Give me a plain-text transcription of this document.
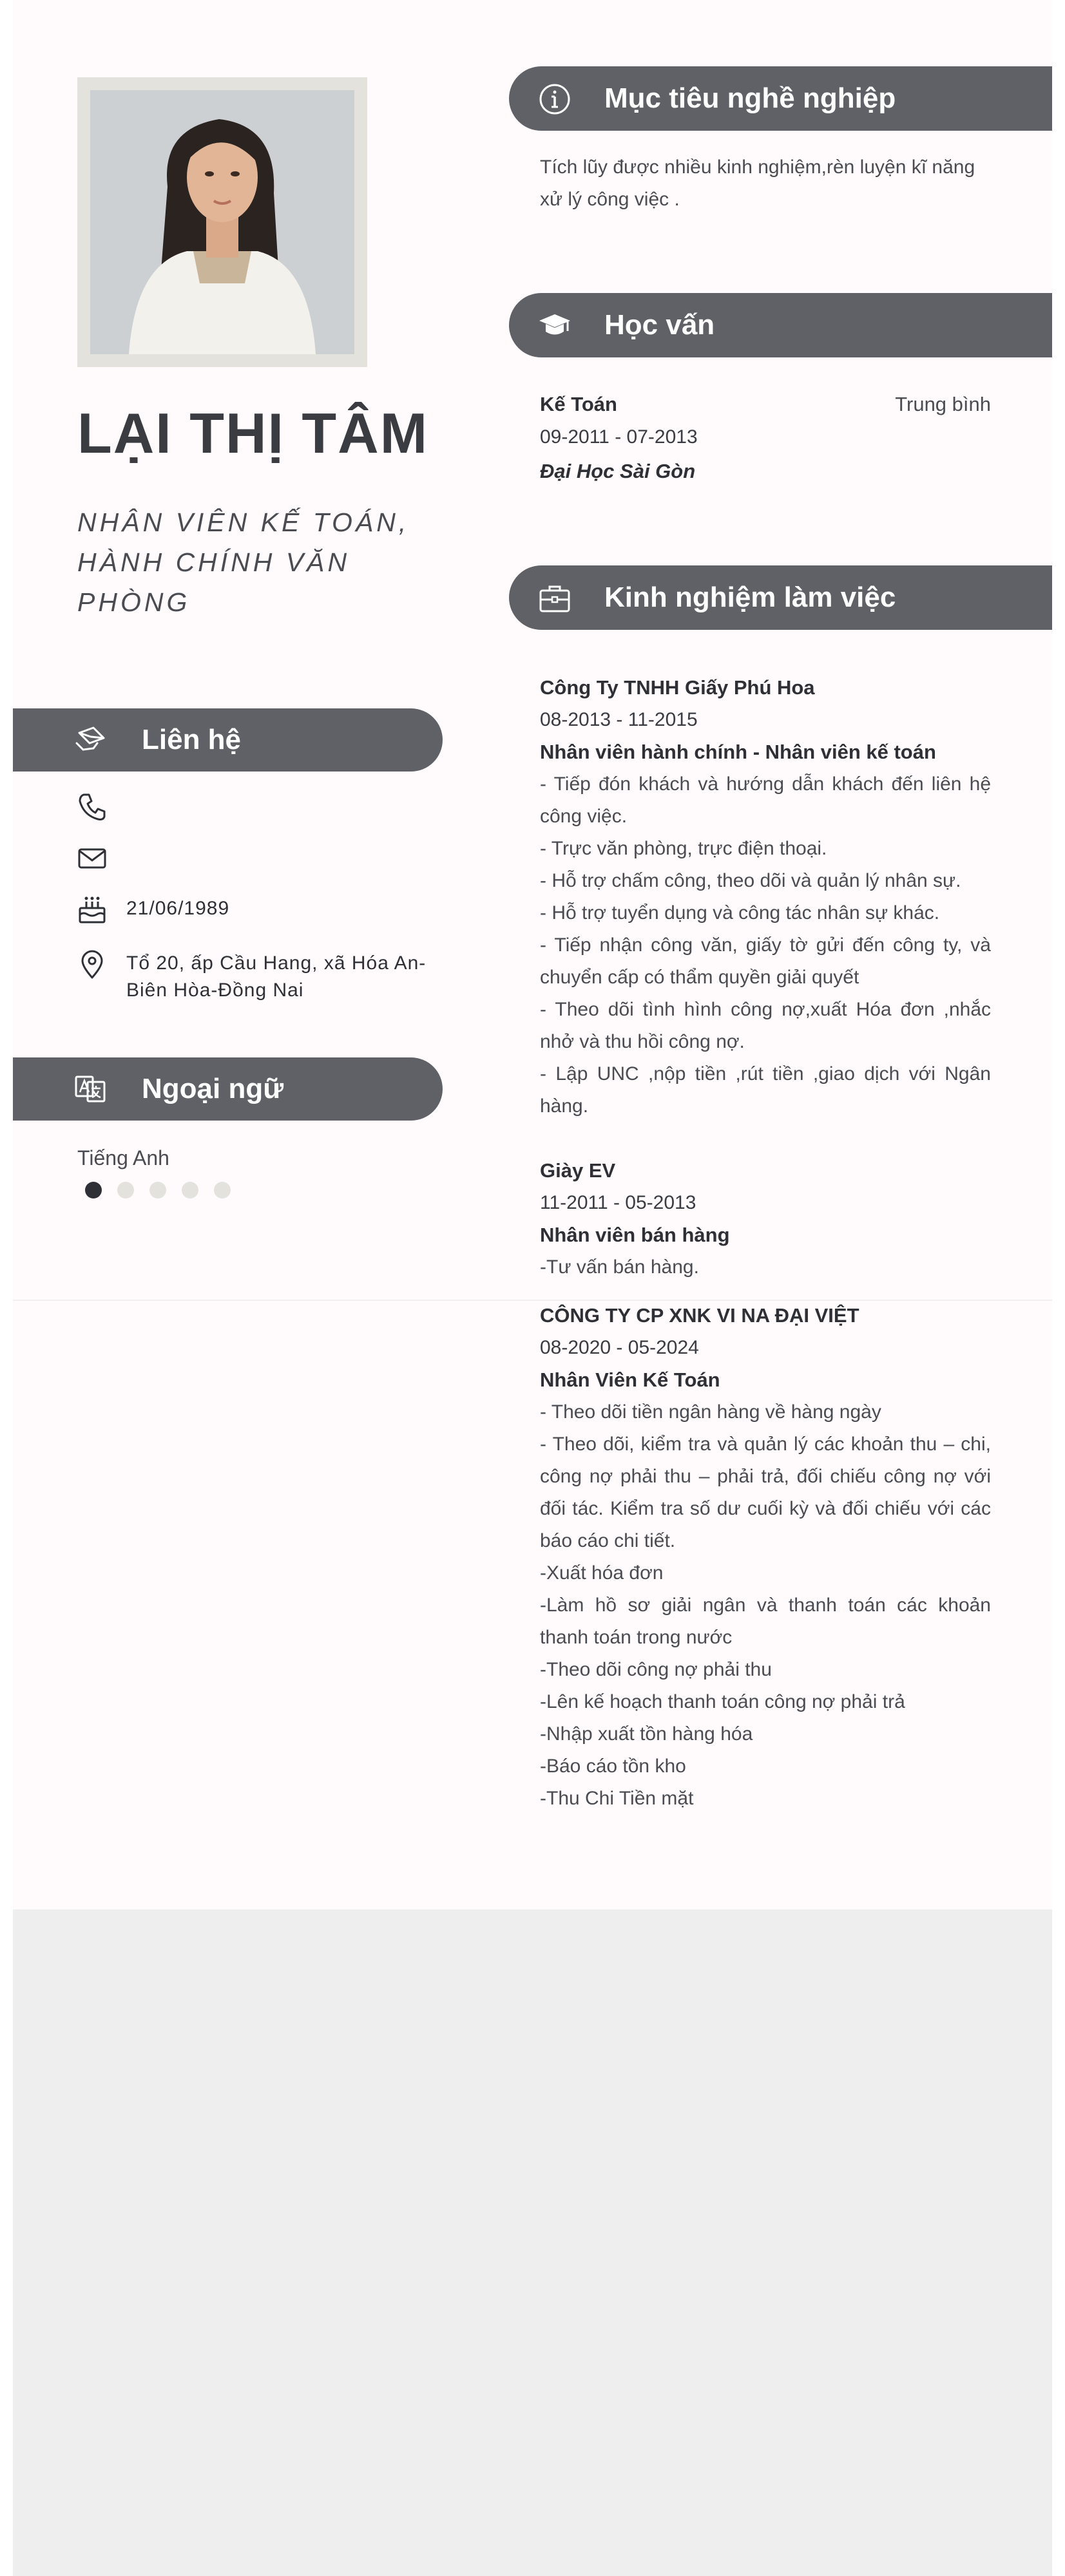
LẠI THỊ TÂM
NHÂN VIÊN KẾ TOÁN, HÀNH CHÍNH VĂN PHÒNG
Liên hệ
21/06/1989
Tổ 20, ấp Cầu Hang, xã Hóa An- Biên Hòa-Đồng Nai
Ngoại ngữ
Tiếng Anh
Mục tiêu nghề nghiệp
Tích lũy được nhiều kinh nghiệm,rèn luyện kĩ năng xử lý công việc .
Học vấn
Kế Toán	Trung bình
09-2011 - 07-2013
Đại Học Sài Gòn
Kinh nghiệm làm việc
Công Ty TNHH Giấy Phú Hoa
08-2013 - 11-2015
Nhân viên hành chính - Nhân viên kế toán
- Tiếp đón khách và hướng dẫn khách đến liên hệ công việc.
- Trực văn phòng, trực điện thoại.
- Hỗ trợ chấm công, theo dõi và quản lý nhân sự.
- Hỗ trợ tuyển dụng và công tác nhân sự khác.
- Tiếp nhận công văn, giấy tờ gửi đến công ty, và chuyển cấp có thẩm quyền giải quyết
- Theo dõi tình hình công nợ,xuất Hóa đơn ,nhắc nhở và thu hồi công nợ.
- Lập UNC ,nộp tiền ,rút tiền ,giao dịch với Ngân hàng.
Giày EV
11-2011 - 05-2013
Nhân viên bán hàng
-Tư vấn bán hàng.
CÔNG TY CP XNK VI NA ĐẠI VIỆT
08-2020 - 05-2024
Nhân Viên Kế Toán
- Theo dõi tiền ngân hàng về hàng ngày
- Theo dõi, kiểm tra và quản lý các khoản thu – chi, công nợ phải thu – phải trả, đối chiếu công nợ với đối tác. Kiểm tra số dư cuối kỳ và đối chiếu với các báo cáo chi tiết.
-Xuất hóa đơn
-Làm hồ sơ giải ngân và thanh toán các khoản thanh toán trong nước
-Theo dõi công nợ phải thu
-Lên kế hoạch thanh toán công nợ phải trả
-Nhập xuất tồn hàng hóa
-Báo cáo tồn kho
-Thu Chi Tiền mặt
